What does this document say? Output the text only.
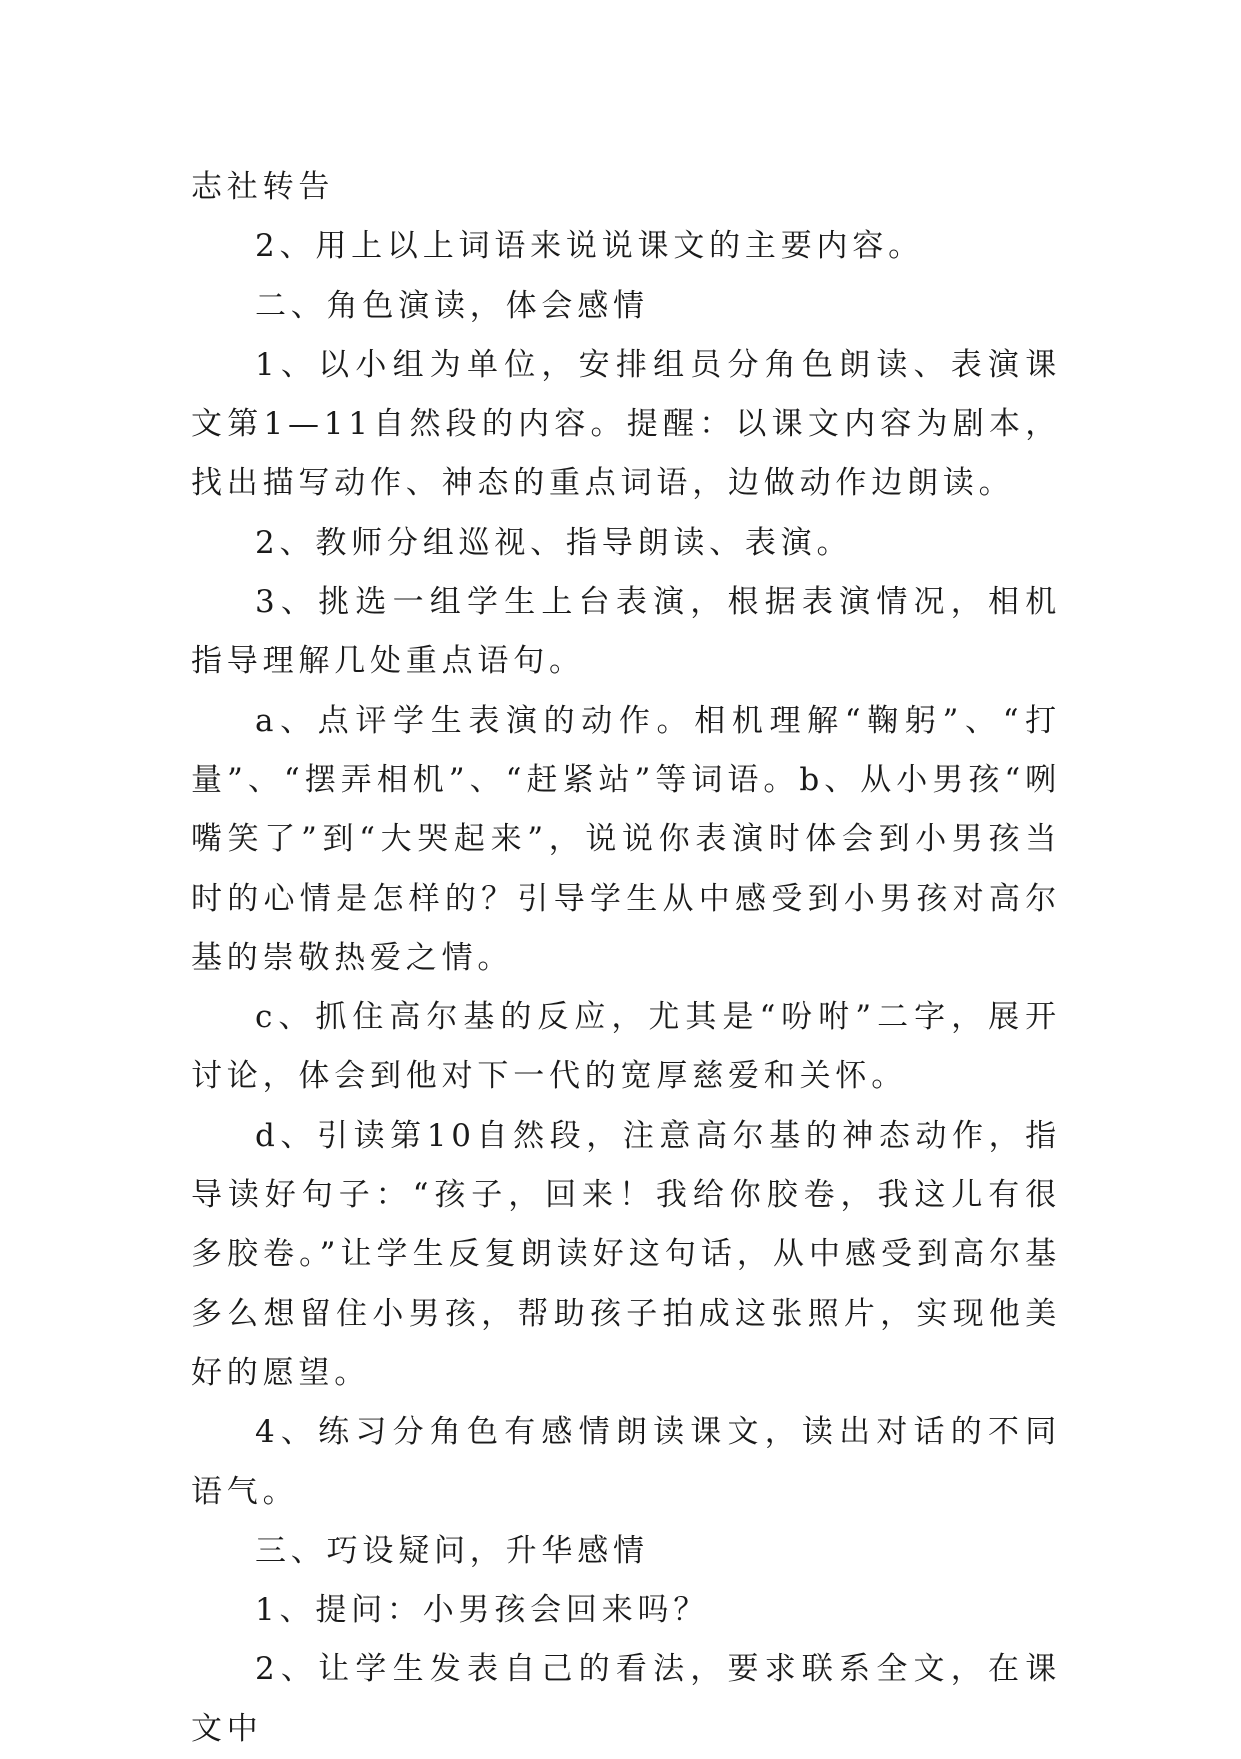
志社转告

2、用上以上词语来说说课文的主要内容。

二、角色演读，体会感情

1、以小组为单位，安排组员分角色朗读、表演课文第1—11自然段的内容。提醒：以课文内容为剧本，找出描写动作、神态的重点词语，边做动作边朗读。

2、教师分组巡视、指导朗读、表演。

3、挑选一组学生上台表演，根据表演情况，相机指导理解几处重点语句。

a、点评学生表演的动作。相机理解“鞠躬”、“打量”、“摆弄相机”、“赶紧站”等词语。b、从小男孩“咧嘴笑了”到“大哭起来”，说说你表演时体会到小男孩当时的心情是怎样的？引导学生从中感受到小男孩对高尔基的崇敬热爱之情。

c、抓住高尔基的反应，尤其是“吩咐”二字，展开讨论，体会到他对下一代的宽厚慈爱和关怀。

d、引读第10自然段，注意高尔基的神态动作，指导读好句子：“孩子，回来！我给你胶卷，我这儿有很多胶卷。”让学生反复朗读好这句话，从中感受到高尔基多么想留住小男孩，帮助孩子拍成这张照片，实现他美好的愿望。

4、练习分角色有感情朗读课文，读出对话的不同语气。

三、巧设疑问，升华感情

1、提问：小男孩会回来吗？

2、让学生发表自己的看法，要求联系全文，在课文中
